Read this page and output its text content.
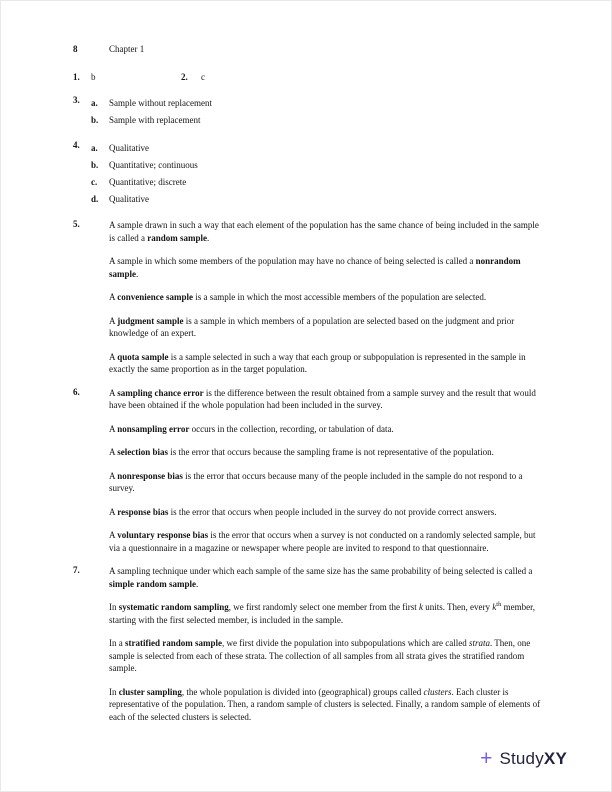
8	Chapter 1
1. b	2. c
3. a. Sample without replacement
b. Sample with replacement
4. a. Qualitative
b. Quantitative; continuous
c. Quantitative; discrete
d. Qualitative
5.	A sample drawn in such a way that each element of the population has the same chance of being included in the sample is called a random sample.

A sample in which some members of the population may have no chance of being selected is called a nonrandom sample.

A convenience sample is a sample in which the most accessible members of the population are selected.

A judgment sample is a sample in which members of a population are selected based on the judgment and prior knowledge of an expert.

A quota sample is a sample selected in such a way that each group or subpopulation is represented in the sample in exactly the same proportion as in the target population.

6.	A sampling chance error is the difference between the result obtained from a sample survey and the result that would have been obtained if the whole population had been included in the survey.

A nonsampling error occurs in the collection, recording, or tabulation of data.

A selection bias is the error that occurs because the sampling frame is not representative of the population.

A nonresponse bias is the error that occurs because many of the people included in the sample do not respond to a survey.

A response bias is the error that occurs when people included in the survey do not provide correct answers.

A voluntary response bias is the error that occurs when a survey is not conducted on a randomly selected sample, but via a questionnaire in a magazine or newspaper where people are invited to respond to that questionnaire.

7.	A sampling technique under which each sample of the same size has the same probability of being selected is called a simple random sample.

In systematic random sampling, we first randomly select one member from the first k units. Then, every $k^{th}$ member, starting with the first selected member, is included in the sample.

In a stratified random sample, we first divide the population into subpopulations which are called strata. Then, one sample is selected from each of these strata. The collection of all samples from all strata gives the stratified random sample.

In cluster sampling, the whole population is divided into (geographical) groups called clusters. Each cluster is representative of the population. Then, a random sample of clusters is selected. Finally, a random sample of elements of each of the selected clusters is selected.

+ StudyXY
